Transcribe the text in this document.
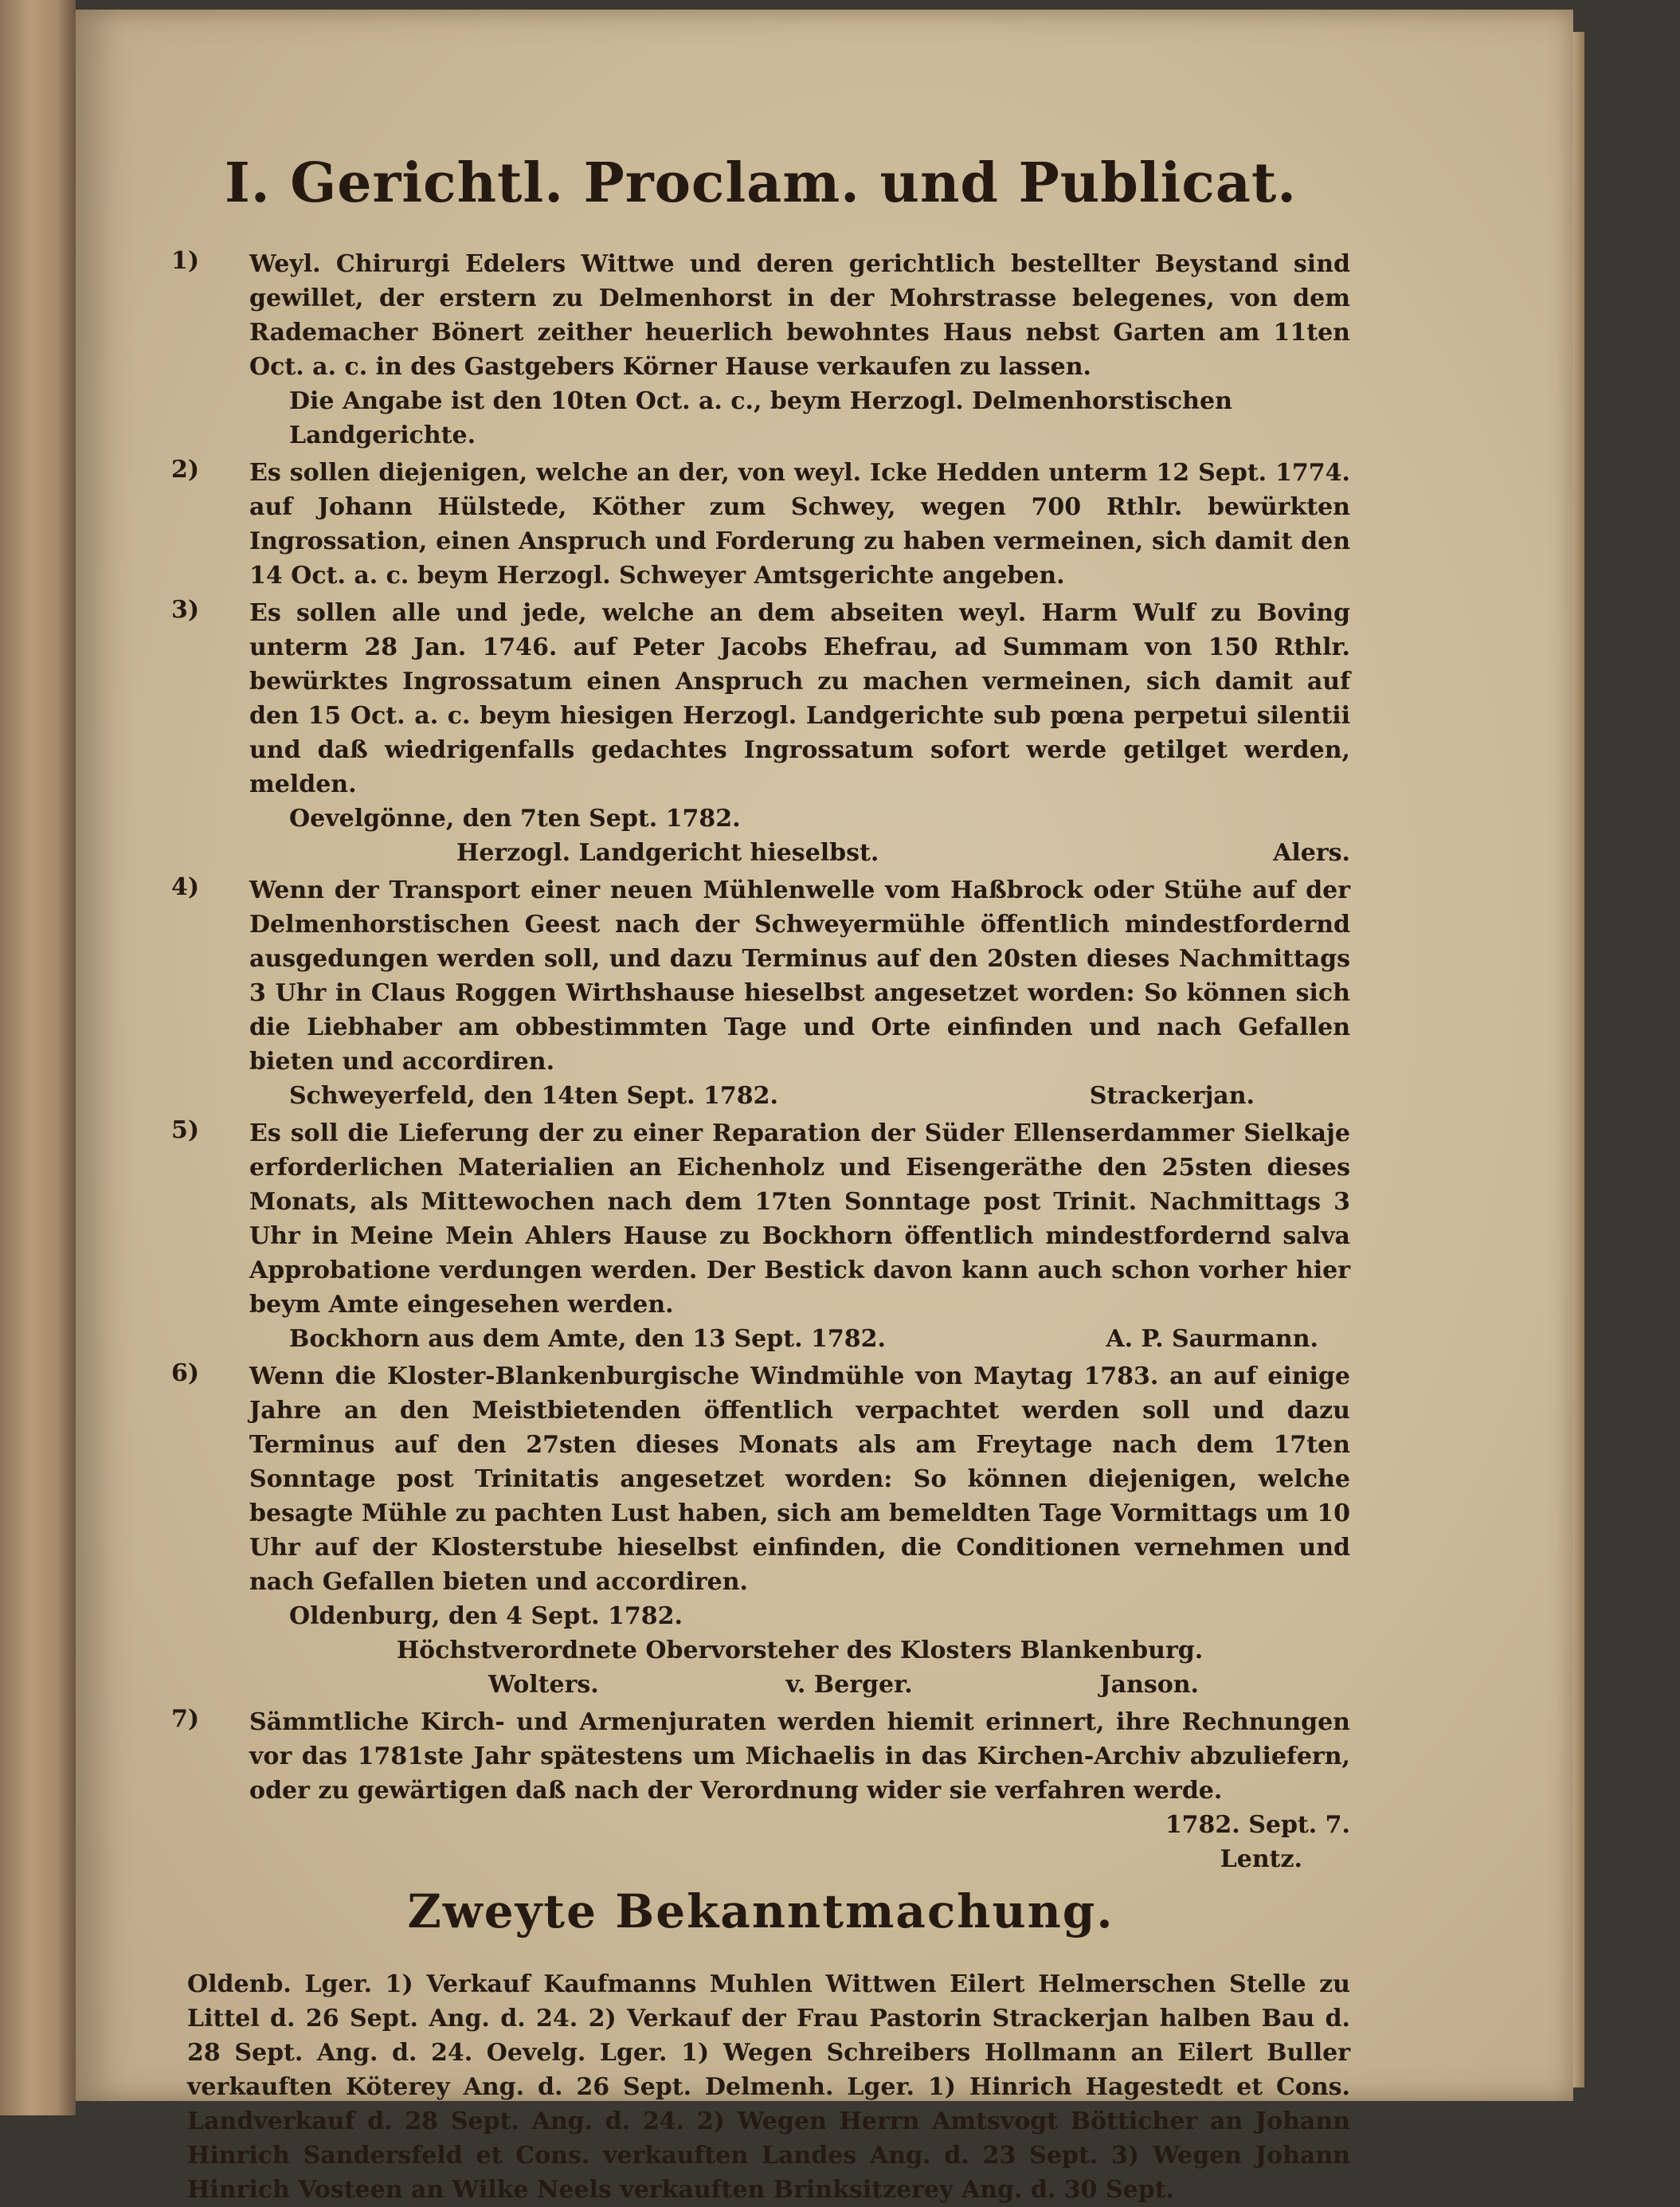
I. Gerichtl. Proclam. und Publicat.
1) Weyl. Chirurgi Edelers Wittwe und deren gerichtlich bestellter Beystand sind gewillet, der erstern zu Delmenhorst in der Mohrstrasse belegenes, von dem Rademacher Bönert zeither heuerlich bewohntes Haus nebst Garten am 11ten Oct. a. c. in des Gastgebers Körner Hause verkaufen zu lassen.
Die Angabe ist den 10ten Oct. a. c., beym Herzogl. Delmenhorstischen Landgerichte.
2) Es sollen diejenigen, welche an der, von weyl. Icke Hedden unterm 12 Sept. 1774. auf Johann Hülstede, Köther zum Schwey, wegen 700 Rthlr. bewürkten Ingrossation, einen Anspruch und Forderung zu haben vermeinen, sich damit den 14 Oct. a. c. beym Herzogl. Schweyer Amtsgerichte angeben.
3) Es sollen alle und jede, welche an dem abseiten weyl. Harm Wulf zu Boving unterm 28 Jan. 1746. auf Peter Jacobs Ehefrau, ad Summam von 150 Rthlr. bewürktes Ingrossatum einen Anspruch zu machen vermeinen, sich damit auf den 15 Oct. a. c. beym hiesigen Herzogl. Landgerichte sub pœna perpetui silentii und daß wiedrigenfalls gedachtes Ingrossatum sofort werde getilget werden, melden.
Oevelgönne, den 7ten Sept. 1782.
Herzogl. Landgericht hieselbst.	Alers.
4) Wenn der Transport einer neuen Mühlenwelle vom Haßbrock oder Stühe auf der Delmenhorstischen Geest nach der Schweyermühle öffentlich mindestfordernd ausgedungen werden soll, und dazu Terminus auf den 20sten dieses Nachmittags 3 Uhr in Claus Roggen Wirthshause hieselbst angesetzet worden: So können sich die Liebhaber am obbestimmten Tage und Orte einfinden und nach Gefallen bieten und accordiren.
Schweyerfeld, den 14ten Sept. 1782.	Strackerjan.
5) Es soll die Lieferung der zu einer Reparation der Süder Ellenserdammer Sielkaje erforderlichen Materialien an Eichenholz und Eisengeräthe den 25sten dieses Monats, als Mittewochen nach dem 17ten Sonntage post Trinit. Nachmittags 3 Uhr in Meine Mein Ahlers Hause zu Bockhorn öffentlich mindestfordernd salva Approbatione verdungen werden. Der Bestick davon kann auch schon vorher hier beym Amte eingesehen werden.
Bockhorn aus dem Amte, den 13 Sept. 1782.	A. P. Saurmann.
6) Wenn die Kloster-Blankenburgische Windmühle von Maytag 1783. an auf einige Jahre an den Meistbietenden öffentlich verpachtet werden soll und dazu Terminus auf den 27sten dieses Monats als am Freytage nach dem 17ten Sonntage post Trinitatis angesetzet worden: So können diejenigen, welche besagte Mühle zu pachten Lust haben, sich am bemeldten Tage Vormittags um 10 Uhr auf der Klosterstube hieselbst einfinden, die Conditionen vernehmen und nach Gefallen bieten und accordiren.
Oldenburg, den 4 Sept. 1782.
Höchstverordnete Obervorsteher des Klosters Blankenburg.
Wolters.	v. Berger.	Janson.
7) Sämmtliche Kirch- und Armenjuraten werden hiemit erinnert, ihre Rechnungen vor das 1781ste Jahr spätestens um Michaelis in das Kirchen-Archiv abzuliefern, oder zu gewärtigen daß nach der Verordnung wider sie verfahren werde.
1782. Sept. 7.
Lentz.
Zweyte Bekanntmachung.
Oldenb. Lger. 1) Verkauf Kaufmanns Muhlen Wittwen Eilert Helmerschen Stelle zu Littel d. 26 Sept. Ang. d. 24. 2) Verkauf der Frau Pastorin Strackerjan halben Bau d. 28 Sept. Ang. d. 24. Oevelg. Lger. 1) Wegen Schreibers Hollmann an Eilert Buller verkauften Köterey Ang. d. 26 Sept. Delmenh. Lger. 1) Hinrich Hagestedt et Cons. Landverkauf d. 28 Sept. Ang. d. 24. 2) Wegen Herrn Amtsvogt Bötticher an Johann Hinrich Sandersfeld et Cons. verkauften Landes Ang. d. 23 Sept. 3) Wegen Johann Hinrich Vosteen an Wilke Neels verkauften Brinksitzerey Ang. d. 30 Sept.
